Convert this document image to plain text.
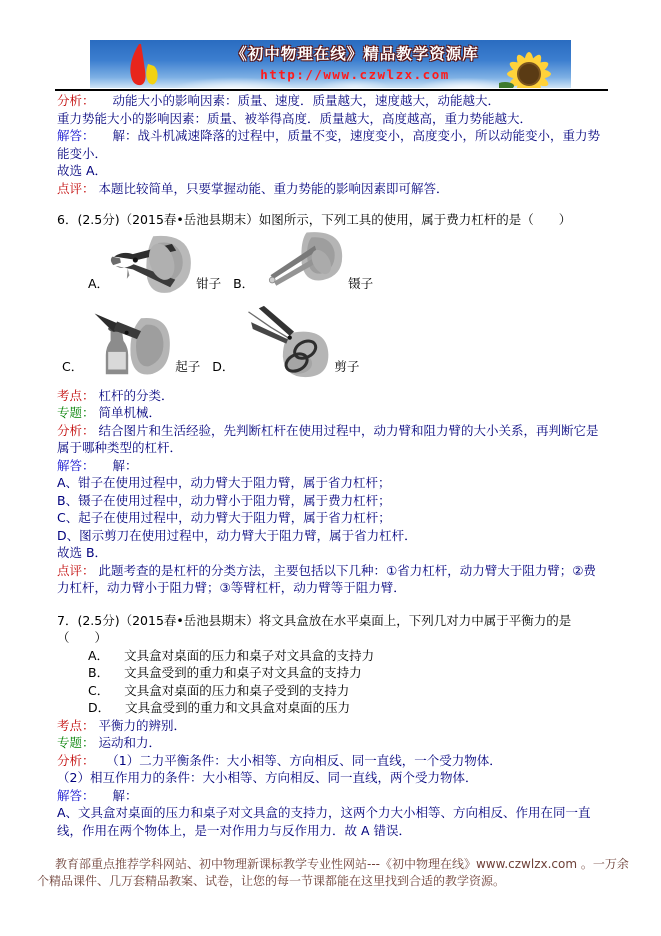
《初中物理在线》精品教学资源库
http://www.czwlzx.com

分析： 动能大小的影响因素：质量、速度．质量越大，速度越大，动能越大．

重力势能大小的影响因素：质量、被举得高度．质量越大，高度越高，重力势能越大．

解答： 解：战斗机减速降落的过程中，质量不变，速度变小，高度变小，所以动能变小，重力势能变小．

故选 A．

点评： 本题比较简单，只要掌握动能、重力势能的影响因素即可解答．

6．(2.5分)（2015春•岳池县期末）如图所示，下列工具的使用，属于费力杠杆的是（　　）

A．	钳子 B．	镊子
C．	起子 D．	剪子

考点： 杠杆的分类．

专题： 简单机械．

分析： 结合图片和生活经验，先判断杠杆在使用过程中，动力臂和阻力臂的大小关系，再判断它是属于哪种类型的杠杆．

解答： 解：

A、钳子在使用过程中，动力臂大于阻力臂，属于省力杠杆；

B、镊子在使用过程中，动力臂小于阻力臂，属于费力杠杆；

C、起子在使用过程中，动力臂大于阻力臂，属于省力杠杆；

D、图示剪刀在使用过程中，动力臂大于阻力臂，属于省力杠杆．

故选 B．

点评： 此题考查的是杠杆的分类方法，主要包括以下几种：①省力杠杆，动力臂大于阻力臂；②费力杠杆，动力臂小于阻力臂；③等臂杠杆，动力臂等于阻力臂．

7．(2.5分)（2015春•岳池县期末）将文具盒放在水平桌面上，下列几对力中属于平衡力的是（　　）

A． 文具盒对桌面的压力和桌子对文具盒的支持力

B． 文具盒受到的重力和桌子对文具盒的支持力

C． 文具盒对桌面的压力和桌子受到的支持力

D． 文具盒受到的重力和文具盒对桌面的压力

考点： 平衡力的辨别．

专题： 运动和力．

分析： （1）二力平衡条件：大小相等、方向相反、同一直线，一个受力物体．

（2）相互作用力的条件：大小相等、方向相反、同一直线，两个受力物体．

解答： 解：

A、文具盒对桌面的压力和桌子对文具盒的支持力，这两个力大小相等、方向相反、作用在同一直线，作用在两个物体上，是一对作用力与反作用力．故 A 错误．

教育部重点推荐学科网站、初中物理新课标教学专业性网站---《初中物理在线》www.czwlzx.com 。一万余个精品课件、几万套精品教案、试卷，让您的每一节课都能在这里找到合适的教学资源。
